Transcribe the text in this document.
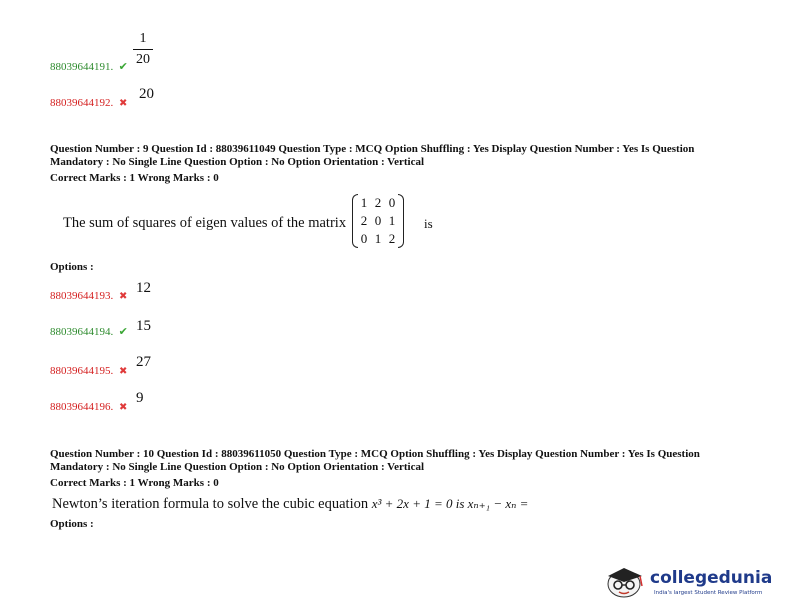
1
20
88039644191. ✔
88039644192. ✖
20
Question Number : 9 Question Id : 88039611049 Question Type : MCQ Option Shuffling : Yes Display Question Number : Yes Is Question
Mandatory : No Single Line Question Option : No Option Orientation : Vertical
Correct Marks : 1 Wrong Marks : 0
The sum of squares of eigen values of the matrix
1 2 0
2 0 1
0 1 2
is
Options :
88039644193. ✖
12
88039644194. ✔ 15
88039644195. ✖
27
88039644196. ✖
9
Question Number : 10 Question Id : 88039611050 Question Type : MCQ Option Shuffling : Yes Display Question Number : Yes Is Question
Mandatory : No Single Line Question Option : No Option Orientation : Vertical
Correct Marks : 1 Wrong Marks : 0
Newton’s iteration formula to solve the cubic equation x³ + 2x + 1 = 0 is xₙ₊₁ − xₙ =
Options :
collegedunia
India's largest Student Review Platform
